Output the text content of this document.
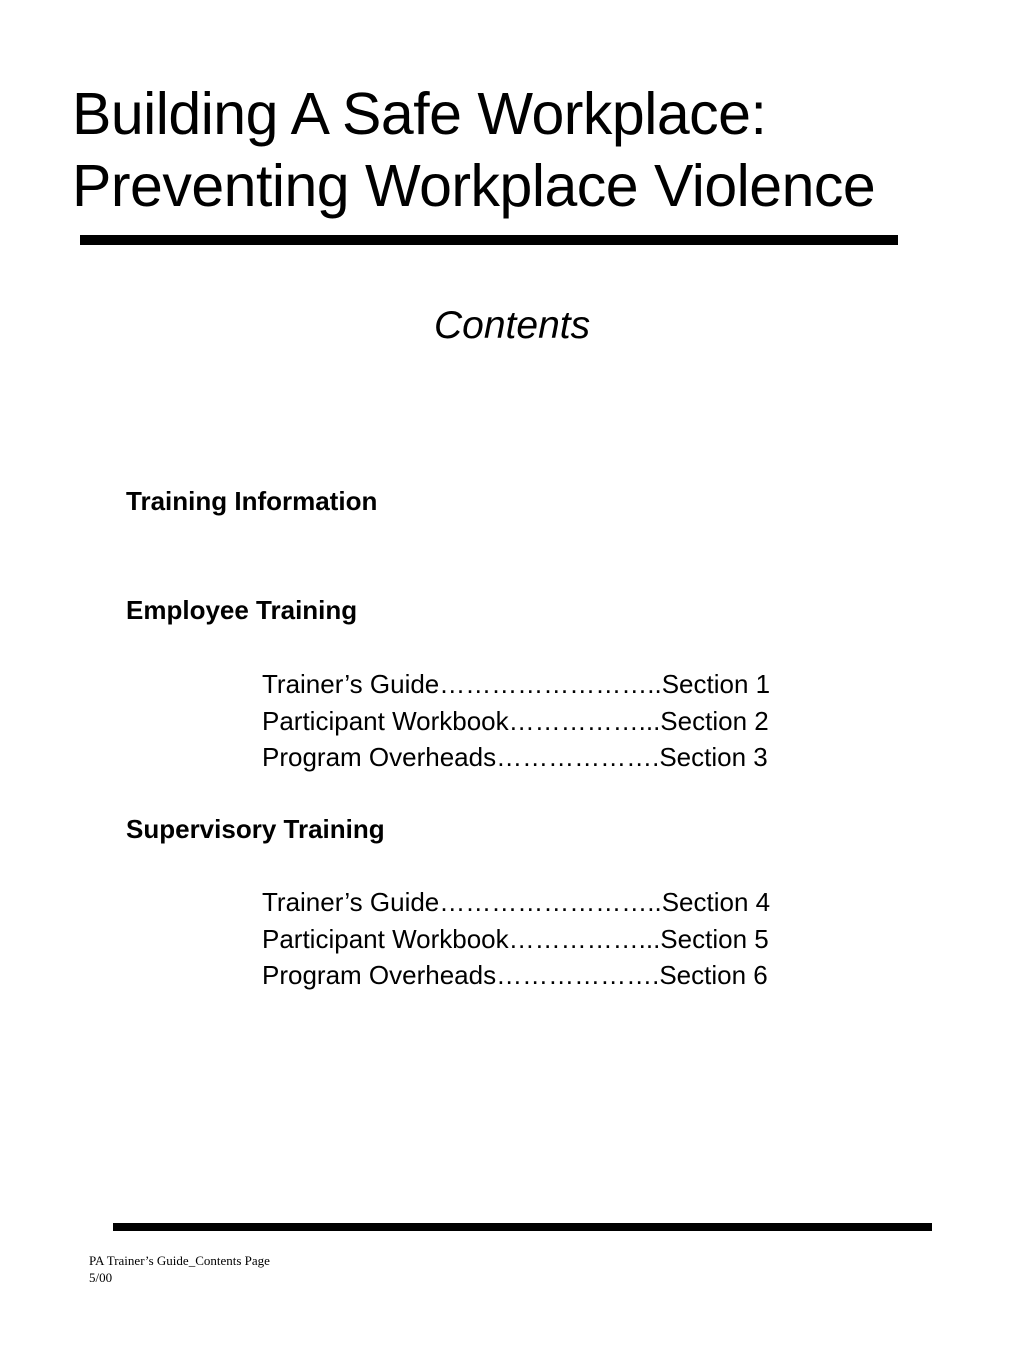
Building A Safe Workplace:
Preventing Workplace Violence
Contents
Training Information
Employee Training
Trainer’s Guide……………………..Section 1
Participant Workbook……………...Section 2
Program Overheads……………….Section 3
Supervisory Training
Trainer’s Guide……………………..Section 4
Participant Workbook……………...Section 5
Program Overheads……………….Section 6
PA Trainer’s Guide_Contents Page
5/00
